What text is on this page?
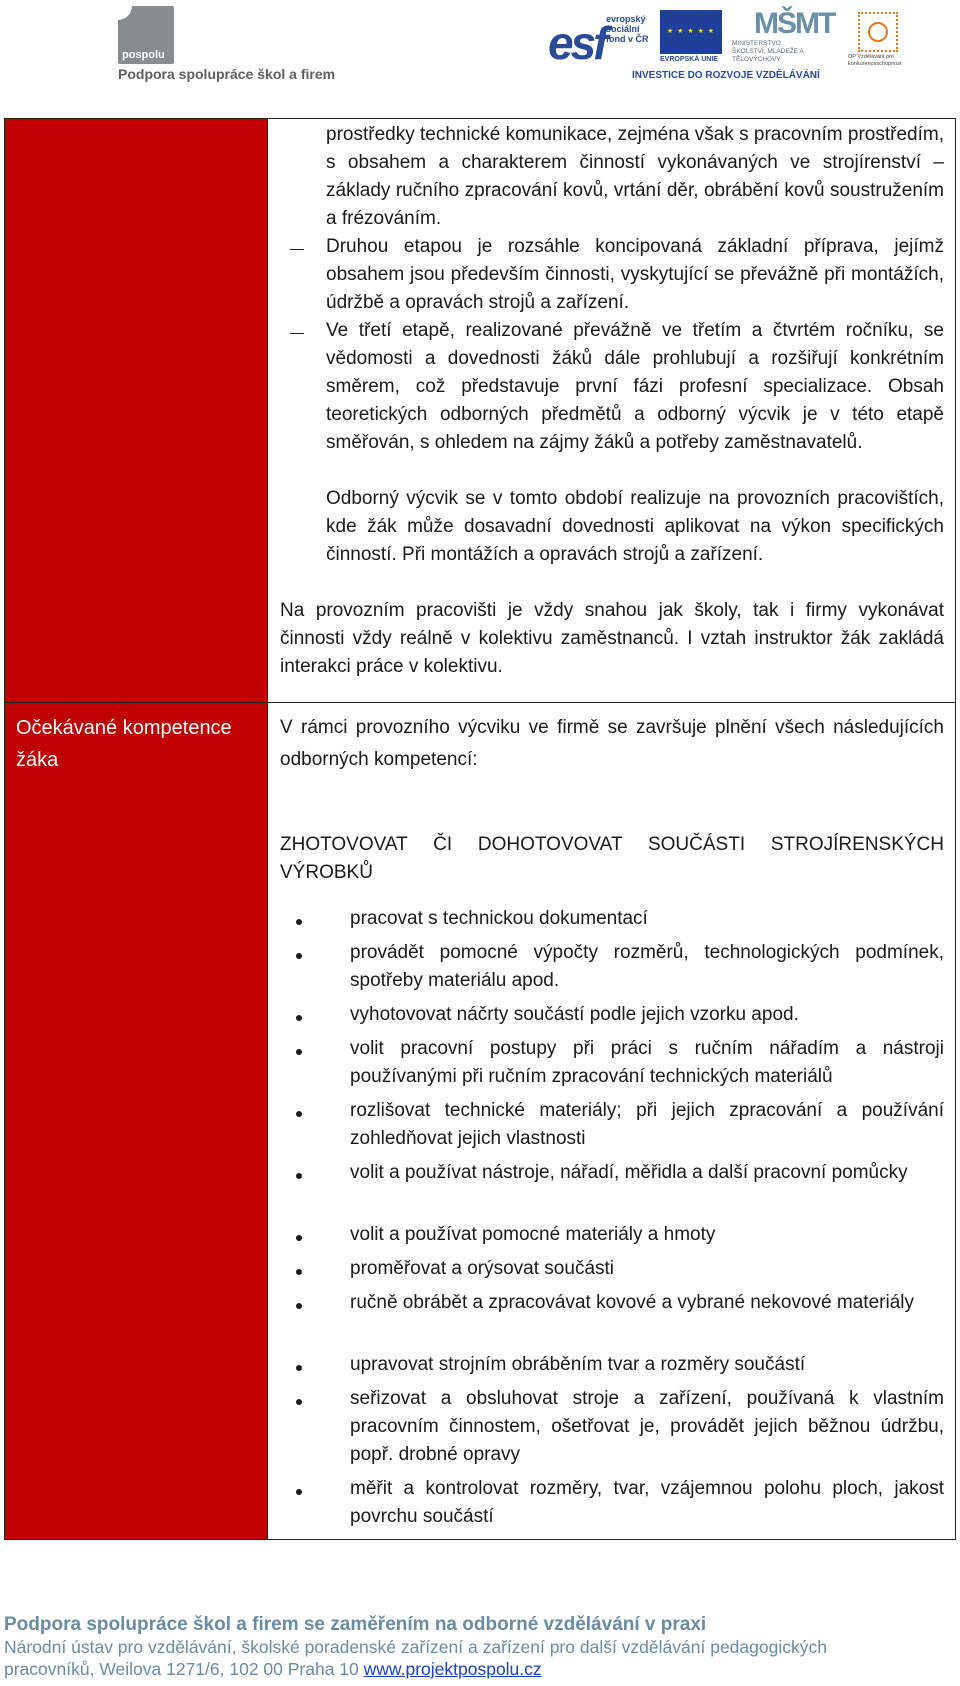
pospolu
Podpora spolupráce škol a firem
esf evropský sociální fond v ČR
★ ★ ★ ★ ★
EVROPSKÁ UNIE
MŠMT
MINISTERSTVO ŠKOLSTVÍ, MLÁDEŽE A TĚLOVÝCHOVY	OP Vzdělávání pro konkurenceschopnost
INVESTICE DO ROZVOJE VZDĚLÁVÁNÍ
Očekávané kompetence žáka
prostředky technické komunikace, zejména však s pracovním prostředím, s obsahem a charakterem činností vykonávaných ve strojírenství – základy ručního zpracování kovů, vrtání děr, obrábění kovů soustružením a frézováním.
Druhou etapou je rozsáhle koncipovaná základní příprava, jejímž obsahem jsou především činnosti, vyskytující se převážně při montážích, údržbě a opravách strojů a zařízení.
Ve třetí etapě, realizované převážně ve třetím a čtvrtém ročníku, se vědomosti a dovednosti žáků dále prohlubují a rozšiřují konkrétním směrem, což představuje první fázi profesní specializace. Obsah teoretických odborných předmětů a odborný výcvik je v této etapě směřován, s ohledem na zájmy žáků a potřeby zaměstnavatelů.
Odborný výcvik se v tomto období realizuje na provozních pracovištích, kde žák může dosavadní dovednosti aplikovat na výkon specifických činností. Při montážích a opravách strojů a zařízení.
Na provozním pracovišti je vždy snahou jak školy, tak i firmy vykonávat činnosti vždy reálně v kolektivu zaměstnanců. I vztah instruktor žák zakládá interakci práce v kolektivu.
V rámci provozního výcviku ve firmě se završuje plnění všech následujících odborných kompetencí:
ZHOTOVOVAT ČI DOHOTOVOVAT SOUČÁSTI STROJÍRENSKÝCH VÝROBKŮ
pracovat s technickou dokumentací
provádět pomocné výpočty rozměrů, technologických podmínek, spotřeby materiálu apod.
vyhotovovat náčrty součástí podle jejich vzorku apod.
volit pracovní postupy při práci s ručním nářadím a nástroji používanými při ručním zpracování technických materiálů
rozlišovat technické materiály; při jejich zpracování a používání zohledňovat jejich vlastnosti
volit a používat nástroje, nářadí, měřidla a další pracovní pomůcky
volit a používat pomocné materiály a hmoty
proměřovat a orýsovat součásti
ručně obrábět a zpracovávat kovové a vybrané nekovové materiály
upravovat strojním obráběním tvar a rozměry součástí
seřizovat a obsluhovat stroje a zařízení, používaná k vlastním pracovním činnostem, ošetřovat je, provádět jejich běžnou údržbu, popř. drobné opravy
měřit a kontrolovat rozměry, tvar, vzájemnou polohu ploch, jakost povrchu součástí
Podpora spolupráce škol a firem se zaměřením na odborné vzdělávání v praxi
Národní ústav pro vzdělávání, školské poradenské zařízení a zařízení pro další vzdělávání pedagogických
pracovníků, Weilova 1271/6, 102 00 Praha 10 www.projektpospolu.cz
